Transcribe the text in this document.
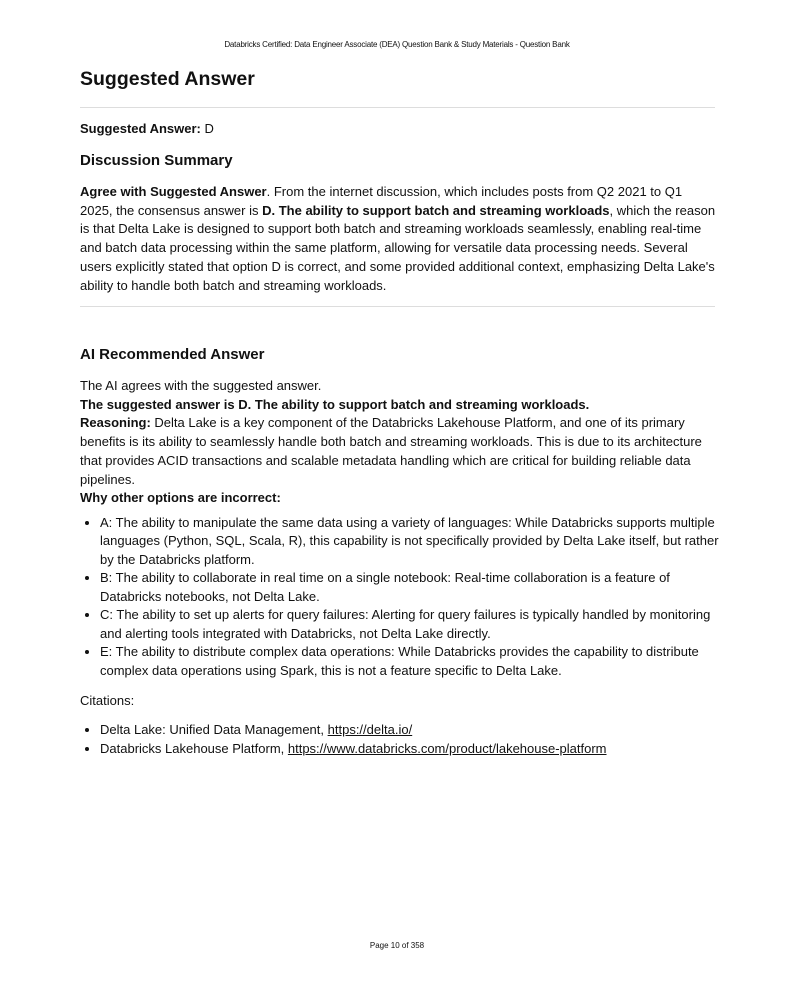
Databricks Certified: Data Engineer Associate (DEA) Question Bank & Study Materials - Question Bank
Suggested Answer
Suggested Answer: D
Discussion Summary
Agree with Suggested Answer. From the internet discussion, which includes posts from Q2 2021 to Q1 2025, the consensus answer is D. The ability to support batch and streaming workloads, which the reason is that Delta Lake is designed to support both batch and streaming workloads seamlessly, enabling real-time and batch data processing within the same platform, allowing for versatile data processing needs. Several users explicitly stated that option D is correct, and some provided additional context, emphasizing Delta Lake's ability to handle both batch and streaming workloads.
AI Recommended Answer
The AI agrees with the suggested answer.
The suggested answer is D. The ability to support batch and streaming workloads.
Reasoning: Delta Lake is a key component of the Databricks Lakehouse Platform, and one of its primary benefits is its ability to seamlessly handle both batch and streaming workloads. This is due to its architecture that provides ACID transactions and scalable metadata handling which are critical for building reliable data pipelines.
Why other options are incorrect:
• A: The ability to manipulate the same data using a variety of languages: While Databricks supports multiple languages (Python, SQL, Scala, R), this capability is not specifically provided by Delta Lake itself, but rather by the Databricks platform.
• B: The ability to collaborate in real time on a single notebook: Real-time collaboration is a feature of Databricks notebooks, not Delta Lake.
• C: The ability to set up alerts for query failures: Alerting for query failures is typically handled by monitoring and alerting tools integrated with Databricks, not Delta Lake directly.
• E: The ability to distribute complex data operations: While Databricks provides the capability to distribute complex data operations using Spark, this is not a feature specific to Delta Lake.
Citations:
• Delta Lake: Unified Data Management, https://delta.io/
• Databricks Lakehouse Platform, https://www.databricks.com/product/lakehouse-platform
Page 10 of 358
